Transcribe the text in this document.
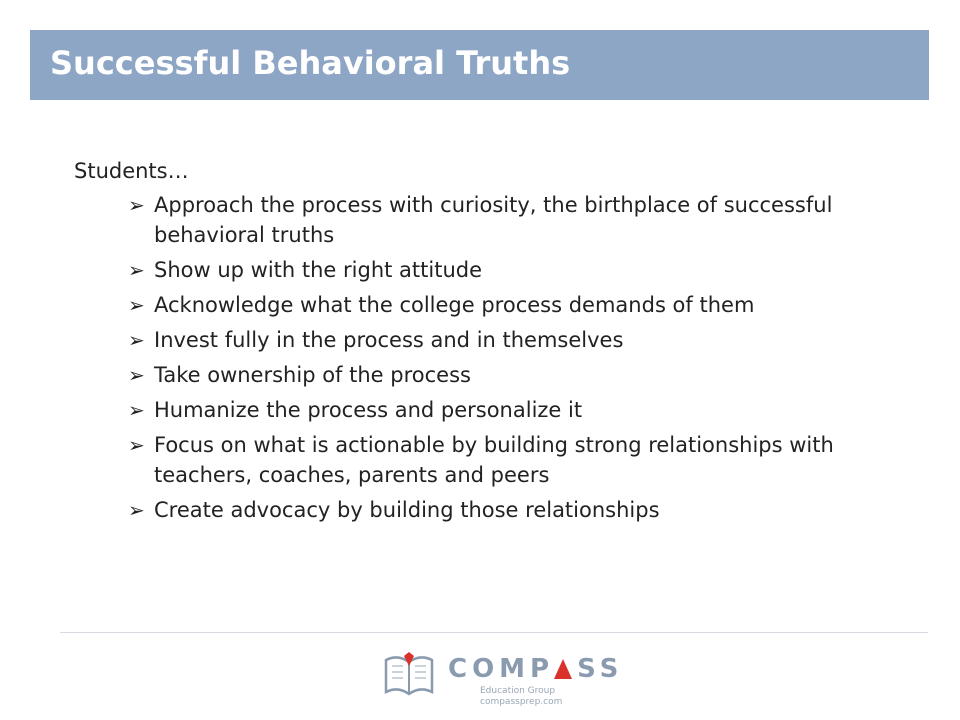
Successful Behavioral Truths
Students…
➢ Approach the process with curiosity, the birthplace of successful behavioral truths
➢ Show up with the right attitude
➢ Acknowledge what the college process demands of them
➢ Invest fully in the process and in themselves
➢ Take ownership of the process
➢ Humanize the process and personalize it
➢ Focus on what is actionable by building strong relationships with teachers, coaches, parents and peers
➢ Create advocacy by building those relationships
COMP SS
Education Group
compassprep.com
